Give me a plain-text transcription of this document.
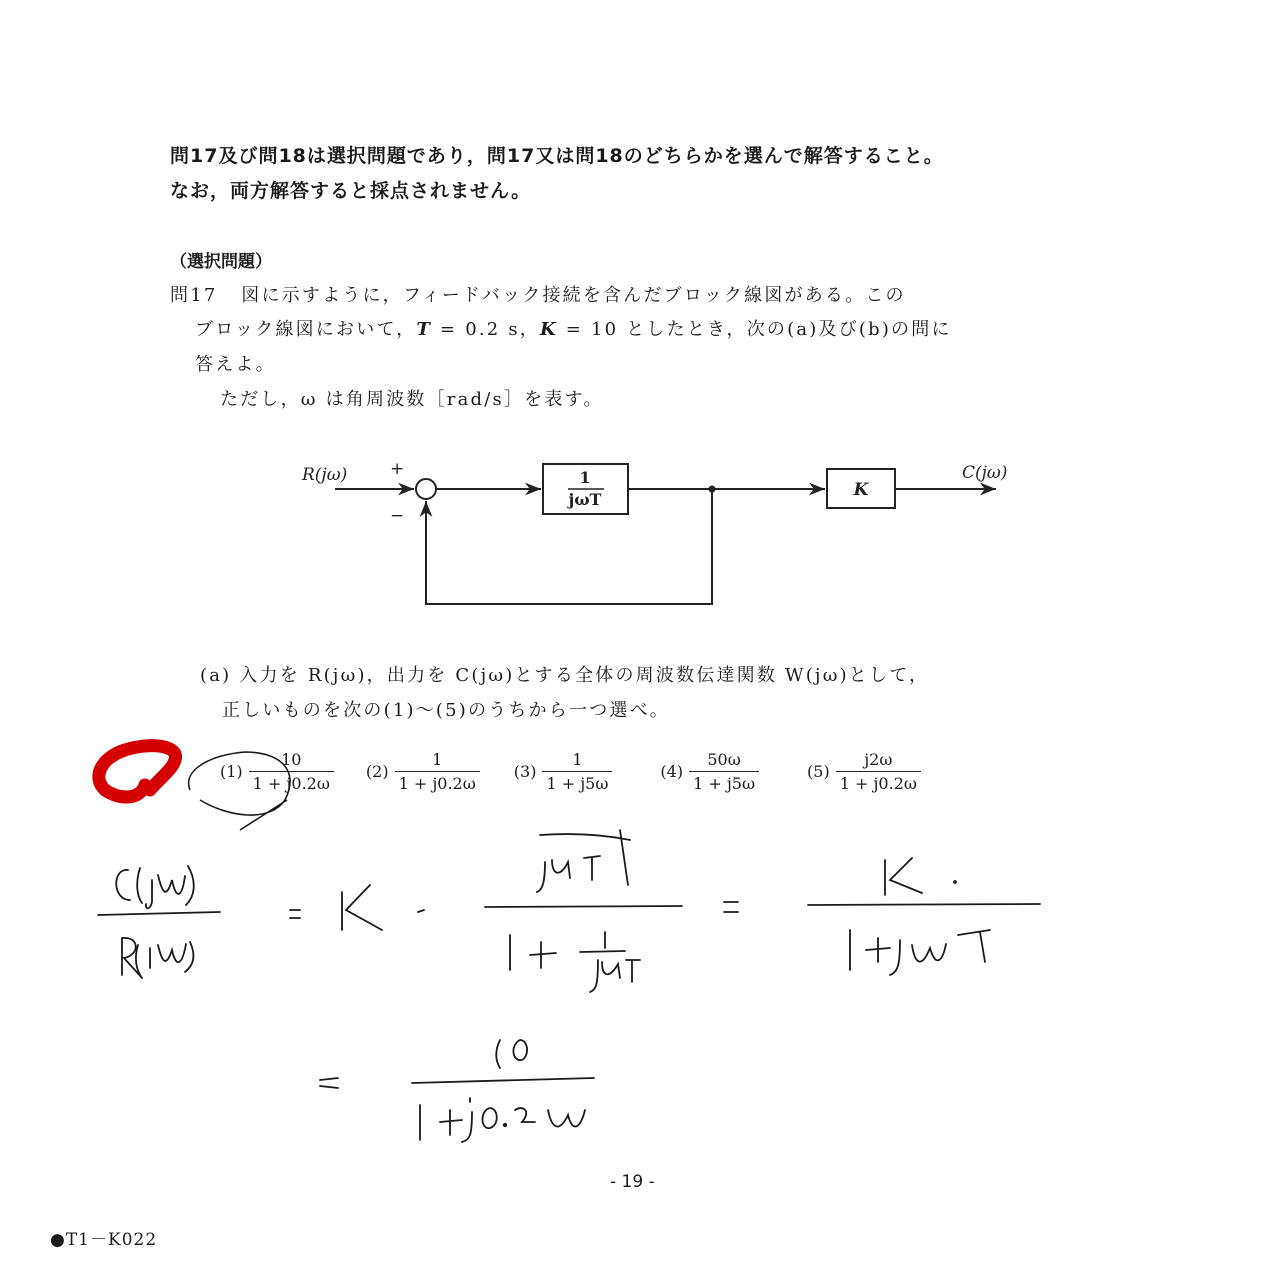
問17及び問18は選択問題であり，問17又は問18のどちらかを選んで解答すること。
なお，両方解答すると採点されません。
（選択問題）
問17 図に示すように，フィードバック接続を含んだブロック線図がある。この
ブロック線図において，T = 0.2 s，K = 10 としたとき，次の(a)及び(b)の問に
答えよ。
ただし，ω は角周波数［rad/s］を表す。
R(jω)	+
−
1
jωT	K
C(jω)
(a) 入力を R(jω)，出力を C(jω)とする全体の周波数伝達関数 W(jω)として，
正しいものを次の(1)～(5)のうちから一つ選べ。
$(1) \frac{10}{1 + j0.2\omega} (2) \frac{1}{1 + j0.2\omega} (3) \frac{1}{1 + j5\omega}$	$(4) \frac{50\omega}{1 + j5\omega}$	$(5) \frac{j2\omega}{1 + j0.2\omega}$
- 19 -
●T1－K022
